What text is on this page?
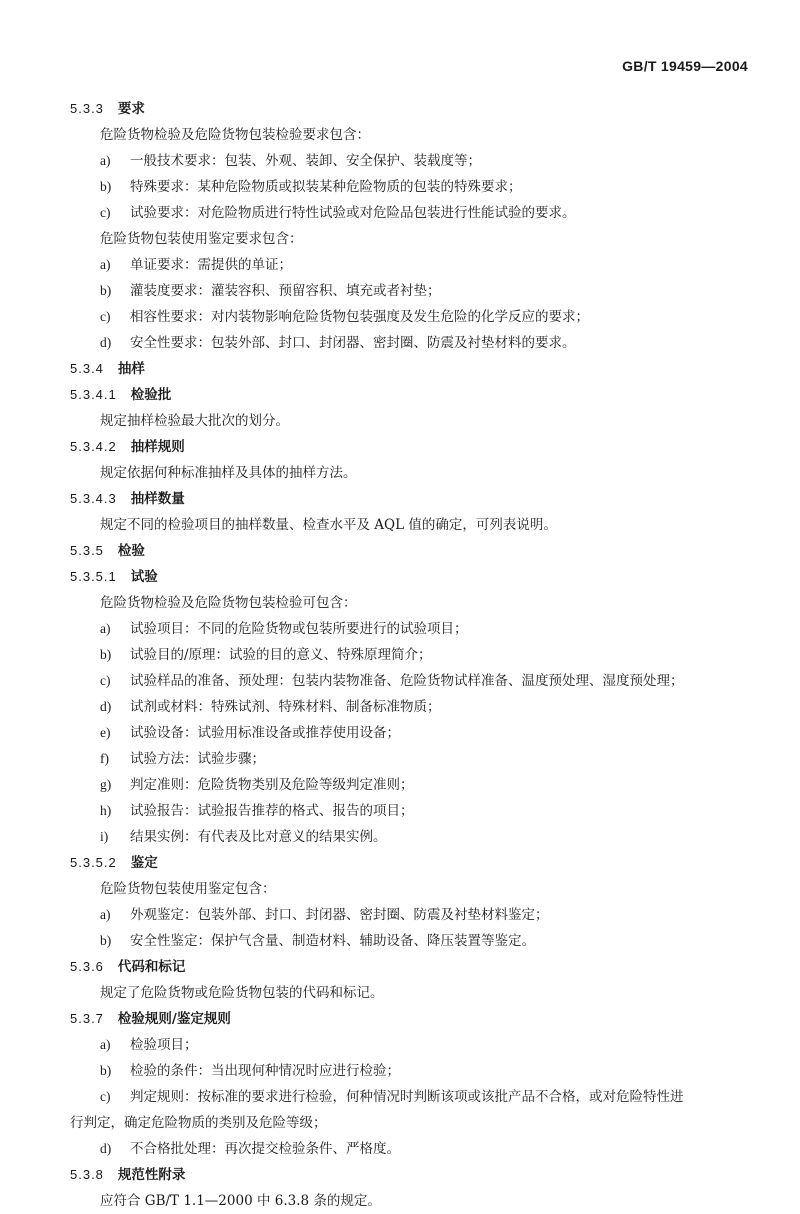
GB/T 19459—2004
5.3.3 要求
危险货物检验及危险货物包装检验要求包含：
a) 一般技术要求：包装、外观、装卸、安全保护、装载度等；
b) 特殊要求：某种危险物质或拟装某种危险物质的包装的特殊要求；
c) 试验要求：对危险物质进行特性试验或对危险品包装进行性能试验的要求。
危险货物包装使用鉴定要求包含：
a) 单证要求：需提供的单证；
b) 灌装度要求：灌装容积、预留容积、填充或者衬垫；
c) 相容性要求：对内装物影响危险货物包装强度及发生危险的化学反应的要求；
d) 安全性要求：包装外部、封口、封闭器、密封圈、防震及衬垫材料的要求。
5.3.4 抽样
5.3.4.1 检验批
规定抽样检验最大批次的划分。
5.3.4.2 抽样规则
规定依据何种标准抽样及具体的抽样方法。
5.3.4.3 抽样数量
规定不同的检验项目的抽样数量、检查水平及 AQL 值的确定，可列表说明。
5.3.5 检验
5.3.5.1 试验
危险货物检验及危险货物包装检验可包含：
a) 试验项目：不同的危险货物或包装所要进行的试验项目；
b) 试验目的/原理：试验的目的意义、特殊原理简介；
c) 试验样品的准备、预处理：包装内装物准备、危险货物试样准备、温度预处理、湿度预处理；
d) 试剂或材料：特殊试剂、特殊材料、制备标准物质；
e) 试验设备：试验用标准设备或推荐使用设备；
f) 试验方法：试验步骤；
g) 判定准则：危险货物类别及危险等级判定准则；
h) 试验报告：试验报告推荐的格式、报告的项目；
i) 结果实例：有代表及比对意义的结果实例。
5.3.5.2 鉴定
危险货物包装使用鉴定包含：
a) 外观鉴定：包装外部、封口、封闭器、密封圈、防震及衬垫材料鉴定；
b) 安全性鉴定：保护气含量、制造材料、辅助设备、降压装置等鉴定。
5.3.6 代码和标记
规定了危险货物或危险货物包装的代码和标记。
5.3.7 检验规则/鉴定规则
a) 检验项目；
b) 检验的条件：当出现何种情况时应进行检验；
c) 判定规则：按标准的要求进行检验，何种情况时判断该项或该批产品不合格，或对危险特性进
行判定，确定危险物质的类别及危险等级；
d) 不合格批处理：再次提交检验条件、严格度。
5.3.8 规范性附录
应符合 GB/T 1.1—2000 中 6.3.8 条的规定。
